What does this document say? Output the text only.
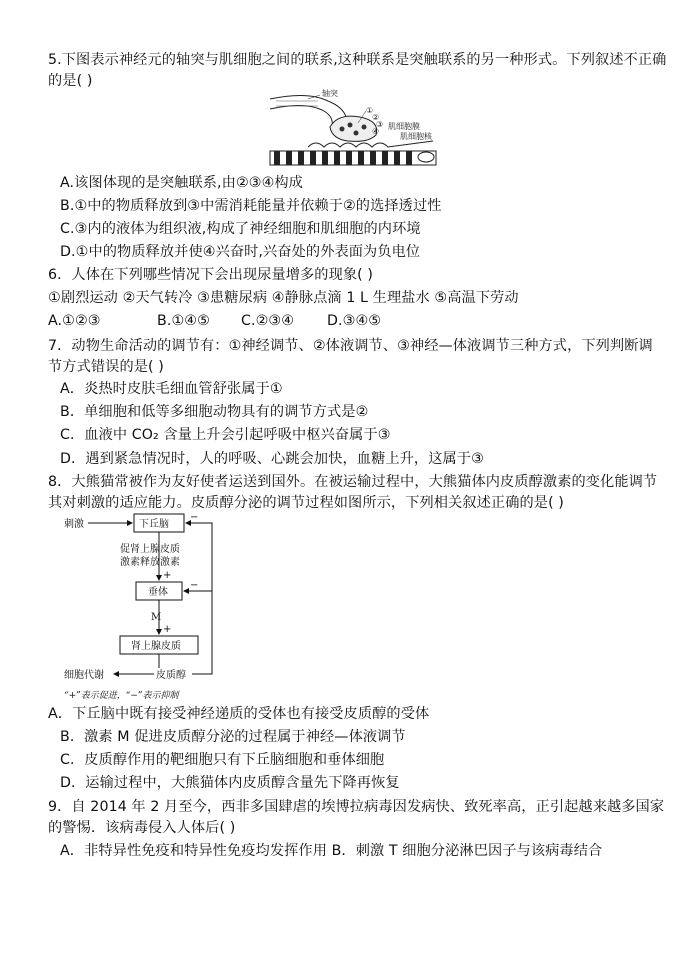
5.下图表示神经元的轴突与肌细胞之间的联系,这种联系是突触联系的另一种形式。下列叙述不正确
的是( )
轴突
①
②
③
④
肌细胞膜
肌细胞核
A.该图体现的是突触联系,由②③④构成
B.①中的物质释放到③中需消耗能量并依赖于②的选择透过性
C.③内的液体为组织液,构成了神经细胞和肌细胞的内环境
D.①中的物质释放并使④兴奋时,兴奋处的外表面为负电位
6．人体在下列哪些情况下会出现尿量增多的现象( )
①剧烈运动 ②天气转冷 ③患糖尿病 ④静脉点滴 1 L 生理盐水 ⑤高温下劳动
A.①②③	B.①④⑤ C.②③④ D.③④⑤
7．动物生命活动的调节有：①神经调节、②体液调节、③神经—体液调节三种方式，下列判断调
节方式错误的是( )
A．炎热时皮肤毛细血管舒张属于①
B．单细胞和低等多细胞动物具有的调节方式是②
C．血液中 CO₂ 含量上升会引起呼吸中枢兴奋属于③
D．遇到紧急情况时，人的呼吸、心跳会加快，血糖上升，这属于③
8．大熊猫常被作为友好使者运送到国外。在被运输过程中，大熊猫体内皮质醇激素的变化能调节
其对刺激的适应能力。皮质醇分泌的调节过程如图所示，下列相关叙述正确的是( )
刺激	下丘脑
促肾上腺皮质
激素释放激素
+
垂体
M
+
肾上腺皮质
皮质醇
细胞代谢
−
−
“+”表示促进，“−”表示抑制
A．下丘脑中既有接受神经递质的受体也有接受皮质醇的受体
B．激素 M 促进皮质醇分泌的过程属于神经—体液调节
C．皮质醇作用的靶细胞只有下丘脑细胞和垂体细胞
D．运输过程中，大熊猫体内皮质醇含量先下降再恢复
9．自 2014 年 2 月至今，西非多国肆虐的埃博拉病毒因发病快、致死率高，正引起越来越多国家
的警惕．该病毒侵入人体后( )
A．非特异性免疫和特异性免疫均发挥作用 B．刺激 T 细胞分泌淋巴因子与该病毒结合
